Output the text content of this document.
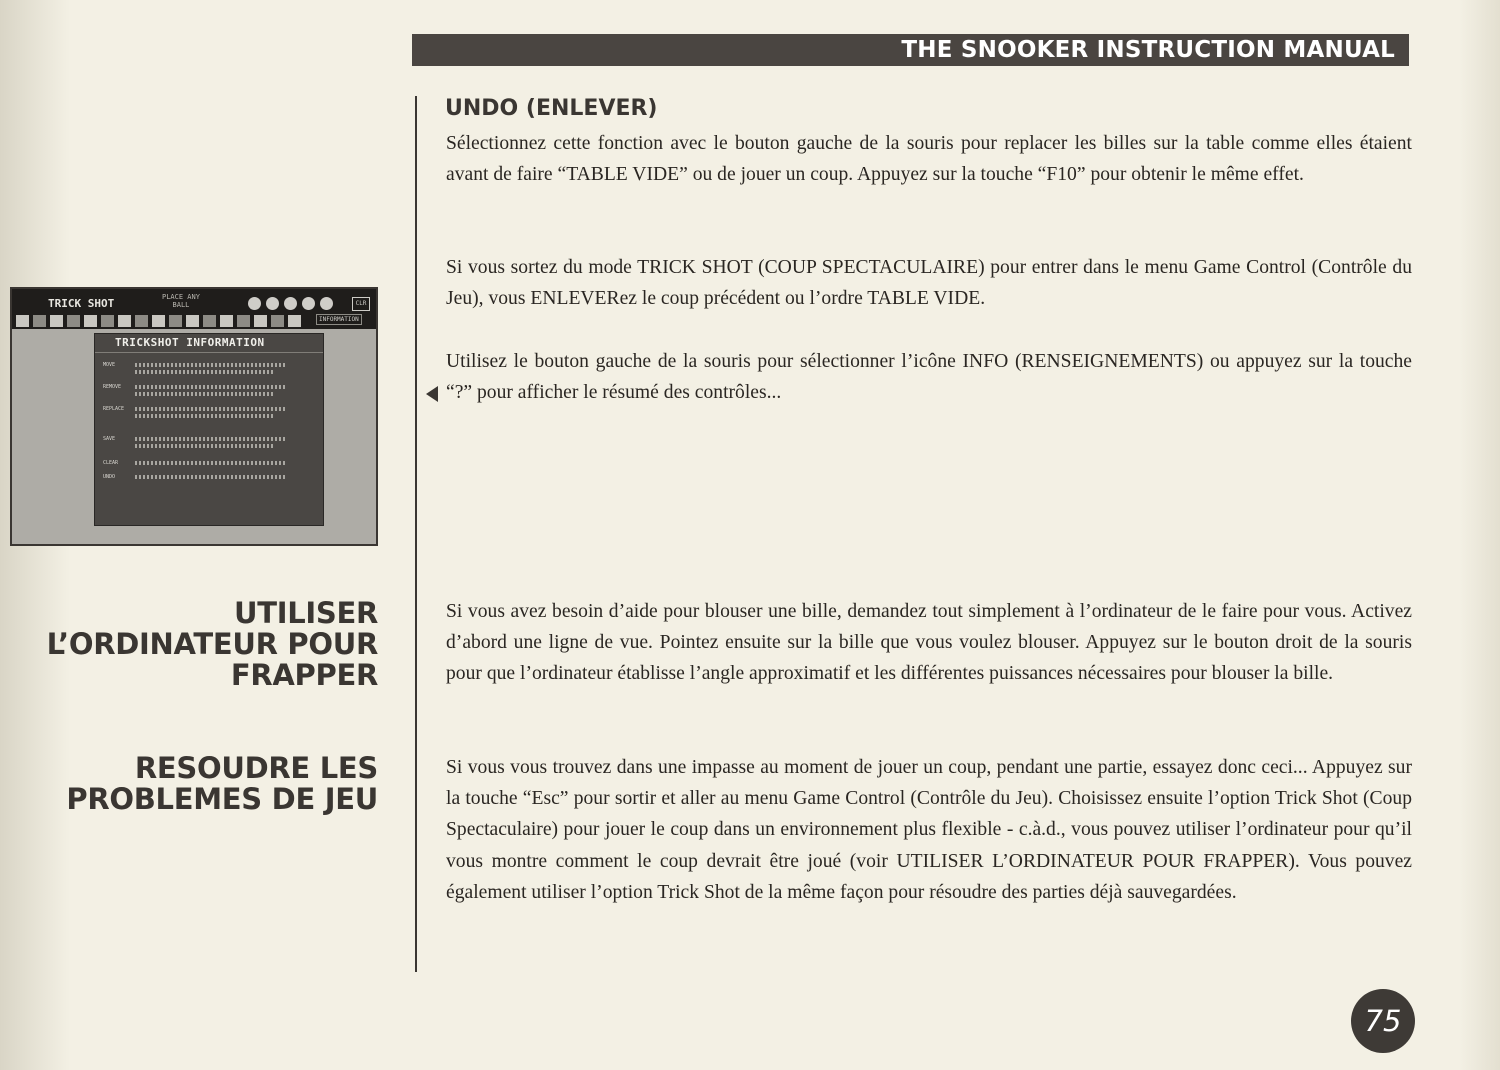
THE SNOOKER INSTRUCTION MANUAL
UNDO (ENLEVER)

Sélectionnez cette fonction avec le bouton gauche de la souris pour replacer les billes sur la table comme elles étaient avant de faire “TABLE VIDE” ou de jouer un coup. Appuyez sur la touche “F10” pour obtenir le même effet.

Si vous sortez du mode TRICK SHOT (COUP SPECTACULAIRE) pour entrer dans le menu Game Control (Contrôle du Jeu), vous ENLEVERez le coup précédent ou l’ordre TABLE VIDE.

Utilisez le bouton gauche de la souris pour sélectionner l’icône INFO (RENSEIGNEMENTS) ou appuyez sur la touche “?” pour afficher le résumé des contrôles...

TRICK SHOT	PLACE ANY
BALL	CLR
INFORMATION
TRICKSHOT INFORMATION
MOVE
REMOVE
REPLACE
SAVE
CLEAR
UNDO
UTILISER
L’ORDINATEUR POUR
FRAPPER

Si vous avez besoin d’aide pour blouser une bille, demandez tout simplement à l’ordinateur de le faire pour vous. Activez d’abord une ligne de vue. Pointez ensuite sur la bille que vous voulez blouser. Appuyez sur le bouton droit de la souris pour que l’ordinateur établisse l’angle approximatif et les différentes puissances nécessaires pour blouser la bille.

RESOUDRE LES
PROBLEMES DE JEU

Si vous vous trouvez dans une impasse au moment de jouer un coup, pendant une partie, essayez donc ceci... Appuyez sur la touche “Esc” pour sortir et aller au menu Game Control (Contrôle du Jeu). Choisissez ensuite l’option Trick Shot (Coup Spectaculaire) pour jouer le coup dans un environnement plus flexible - c.à.d., vous pouvez utiliser l’ordinateur pour qu’il vous montre comment le coup devrait être joué (voir UTILISER L’ORDINATEUR POUR FRAPPER). Vous pouvez également utiliser l’option Trick Shot de la même façon pour résoudre des parties déjà sauvegardées.

75
